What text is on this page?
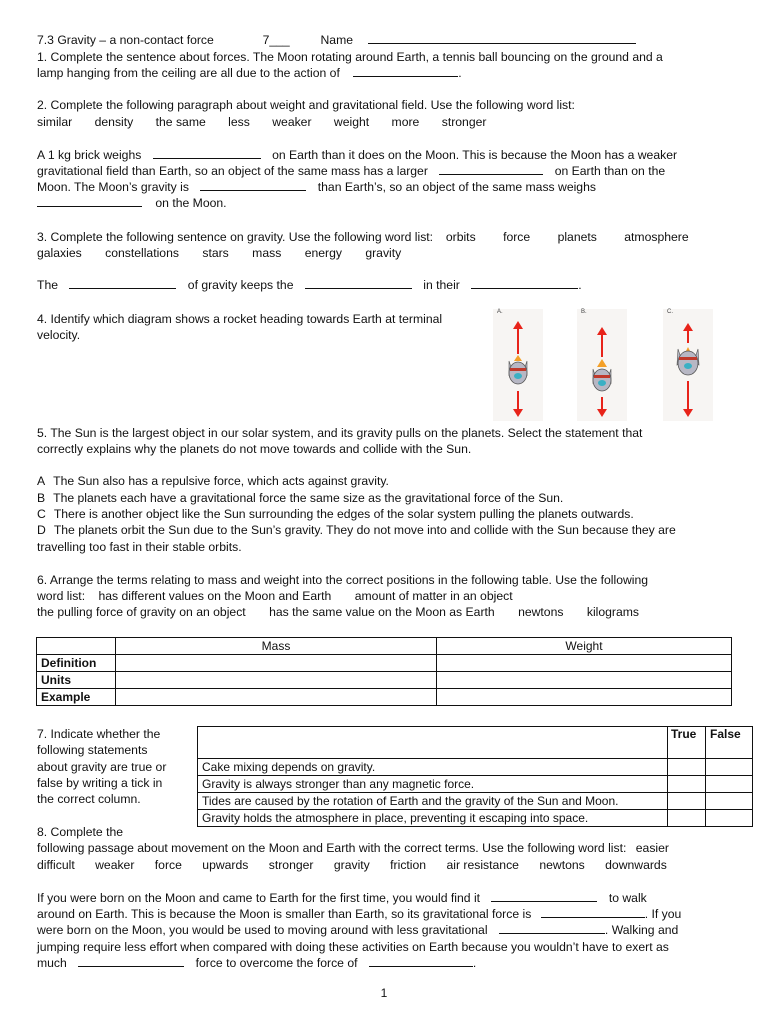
7.3 Gravity – a non-contact force	7___	Name
1. Complete the sentence about forces. The Moon rotating around Earth, a tennis ball bouncing on the ground and a
lamp hanging from the ceiling are all due to the action of	.
2. Complete the following paragraph about weight and gravitational field. Use the following word list:
similar density the same less weaker weight more stronger
A 1 kg brick weighs	on Earth than it does on the Moon. This is because the Moon has a weaker
gravitational field than Earth, so an object of the same mass has a larger	on Earth than on the
Moon. The Moon’s gravity is	than Earth’s, so an object of the same mass weighs
on the Moon.
3. Complete the following sentence on gravity. Use the following word list: orbits force planets atmosphere
galaxies constellations stars mass energy gravity
The	of gravity keeps the	in their	.
4. Identify which diagram shows a rocket heading towards Earth at terminal
velocity.
A.	B.	C.
5. The Sun is the largest object in our solar system, and its gravity pulls on the planets. Select the statement that
correctly explains why the planets do not move towards and collide with the Sun.
A The Sun also has a repulsive force, which acts against gravity.
B The planets each have a gravitational force the same size as the gravitational force of the Sun.
C There is another object like the Sun surrounding the edges of the solar system pulling the planets outwards.
D The planets orbit the Sun due to the Sun’s gravity. They do not move into and collide with the Sun because they are
travelling too fast in their stable orbits.
6. Arrange the terms relating to mass and weight into the correct positions in the following table. Use the following
word list: has different values on the Moon and Earth amount of matter in an object
the pulling force of gravity on an object has the same value on the Moon as Earth newtons kilograms
	Mass	Weight
Definition		
Units		
Example		
7. Indicate whether the
following statements
about gravity are true or
false by writing a tick in
the correct column.
	True	False
Cake mixing depends on gravity.		
Gravity is always stronger than any magnetic force.		
Tides are caused by the rotation of Earth and the gravity of the Sun and Moon.		
Gravity holds the atmosphere in place, preventing it escaping into space.		
8. Complete the
following passage about movement on the Moon and Earth with the correct terms. Use the following word list: easier
difficult weaker force upwards stronger gravity friction air resistance newtons downwards
If you were born on the Moon and came to Earth for the first time, you would find it	to walk
around on Earth. This is because the Moon is smaller than Earth, so its gravitational force is	. If you
were born on the Moon, you would be used to moving around with less gravitational	. Walking and
jumping require less effort when compared with doing these activities on Earth because you wouldn’t have to exert as
much	force to overcome the force of	.
1
